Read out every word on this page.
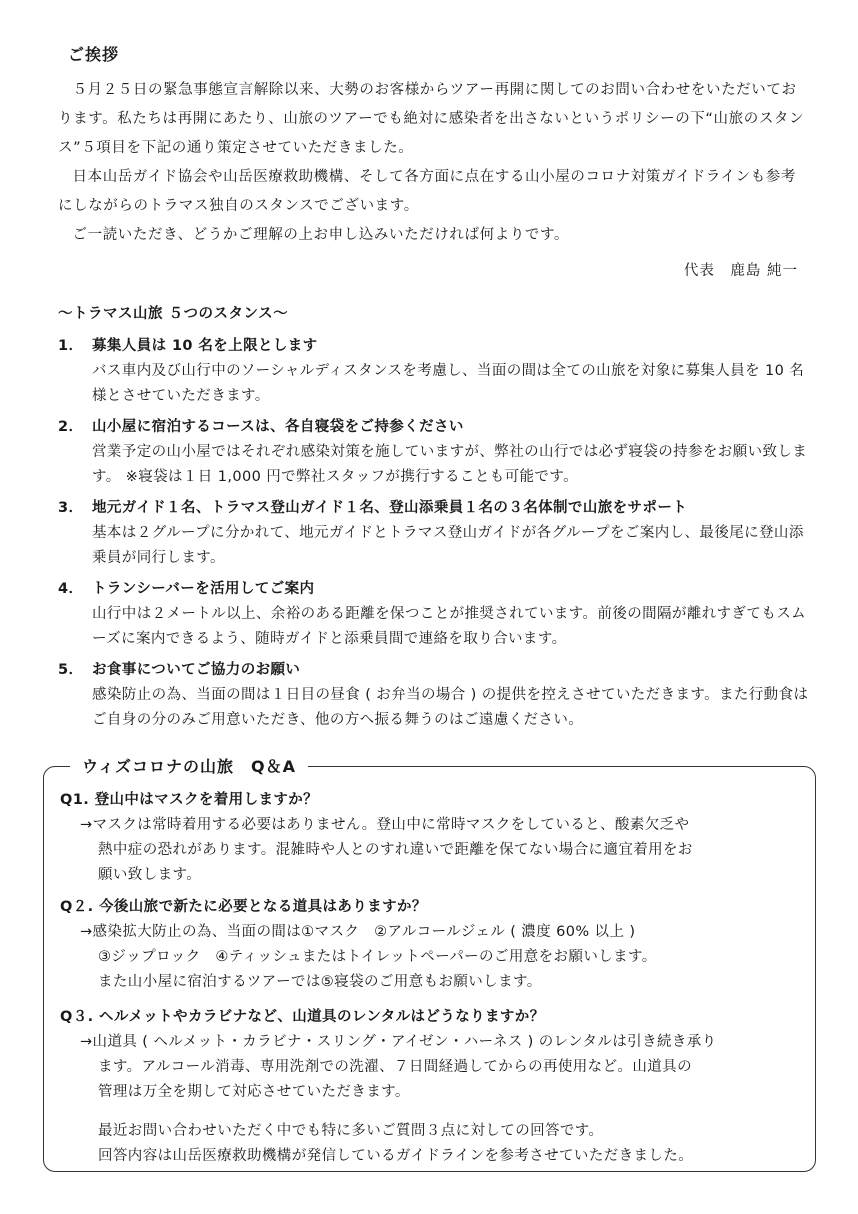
ご挨拶

５月２５日の緊急事態宣言解除以来、大勢のお客様からツアー再開に関してのお問い合わせをいただいております。私たちは再開にあたり、山旅のツアーでも絶対に感染者を出さないというポリシーの下“山旅のスタンス”５項目を下記の通り策定させていただきました。

日本山岳ガイド協会や山岳医療救助機構、そして各方面に点在する山小屋のコロナ対策ガイドラインも参考にしながらのトラマス独自のスタンスでございます。

ご一読いただき、どうかご理解の上お申し込みいただければ何よりです。

代表　鹿島 純一
～トラマス山旅 ５つのスタンス～
1． 募集人員は 10 名を上限とします
バス車内及び山行中のソーシャルディスタンスを考慮し、当面の間は全ての山旅を対象に募集人員を 10 名様とさせていただきます。
2． 山小屋に宿泊するコースは、各自寝袋をご持参ください
営業予定の山小屋ではそれぞれ感染対策を施していますが、弊社の山行では必ず寝袋の持参をお願い致します。 ※寝袋は１日 1,000 円で弊社スタッフが携行することも可能です。
3． 地元ガイド１名、トラマス登山ガイド１名、登山添乗員１名の３名体制で山旅をサポート
基本は２グループに分かれて、地元ガイドとトラマス登山ガイドが各グループをご案内し、最後尾に登山添乗員が同行します。
4． トランシーバーを活用してご案内
山行中は２メートル以上、余裕のある距離を保つことが推奨されています。前後の間隔が離れすぎてもスムーズに案内できるよう、随時ガイドと添乗員間で連絡を取り合います。
5． お食事についてご協力のお願い
感染防止の為、当面の間は１日目の昼食 ( お弁当の場合 ) の提供を控えさせていただきます。また行動食はご自身の分のみご用意いただき、他の方へ振る舞うのはご遠慮ください。
ウィズコロナの山旅　Q＆A
Q1. 登山中はマスクを着用しますか？
→マスクは常時着用する必要はありません。登山中に常時マスクをしていると、酸素欠乏や
熱中症の恐れがあります。混雑時や人とのすれ違いで距離を保てない場合に適宜着用をお
願い致します。
Q２. 今後山旅で新たに必要となる道具はありますか？
→感染拡大防止の為、当面の間は①マスク　②アルコールジェル ( 濃度 60% 以上 )
③ジップロック　④ティッシュまたはトイレットペーパーのご用意をお願いします。
また山小屋に宿泊するツアーでは⑤寝袋のご用意もお願いします。
Q３. ヘルメットやカラビナなど、山道具のレンタルはどうなりますか？
→山道具 ( ヘルメット・カラビナ・スリング・アイゼン・ハーネス ) のレンタルは引き続き承り
ます。アルコール消毒、専用洗剤での洗濯、７日間経過してからの再使用など。山道具の
管理は万全を期して対応させていただきます。

最近お問い合わせいただく中でも特に多いご質問３点に対しての回答です。

回答内容は山岳医療救助機構が発信しているガイドラインを参考させていただきました。
